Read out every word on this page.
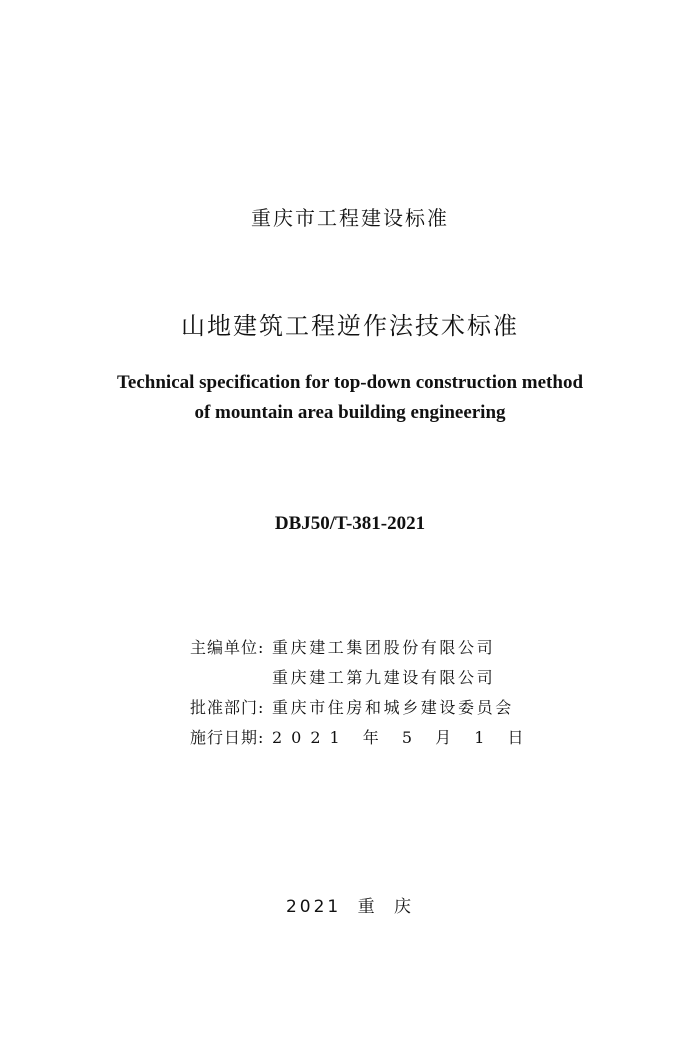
重庆市工程建设标准
山地建筑工程逆作法技术标准
Technical specification for top-down construction method
of mountain area building engineering
DBJ50/T-381-2021
主编单位: 重庆建工集团股份有限公司
重庆建工第九建设有限公司
批准部门: 重庆市住房和城乡建设委员会
施行日期: 2021 年 5 月 1 日
2021 重 庆
